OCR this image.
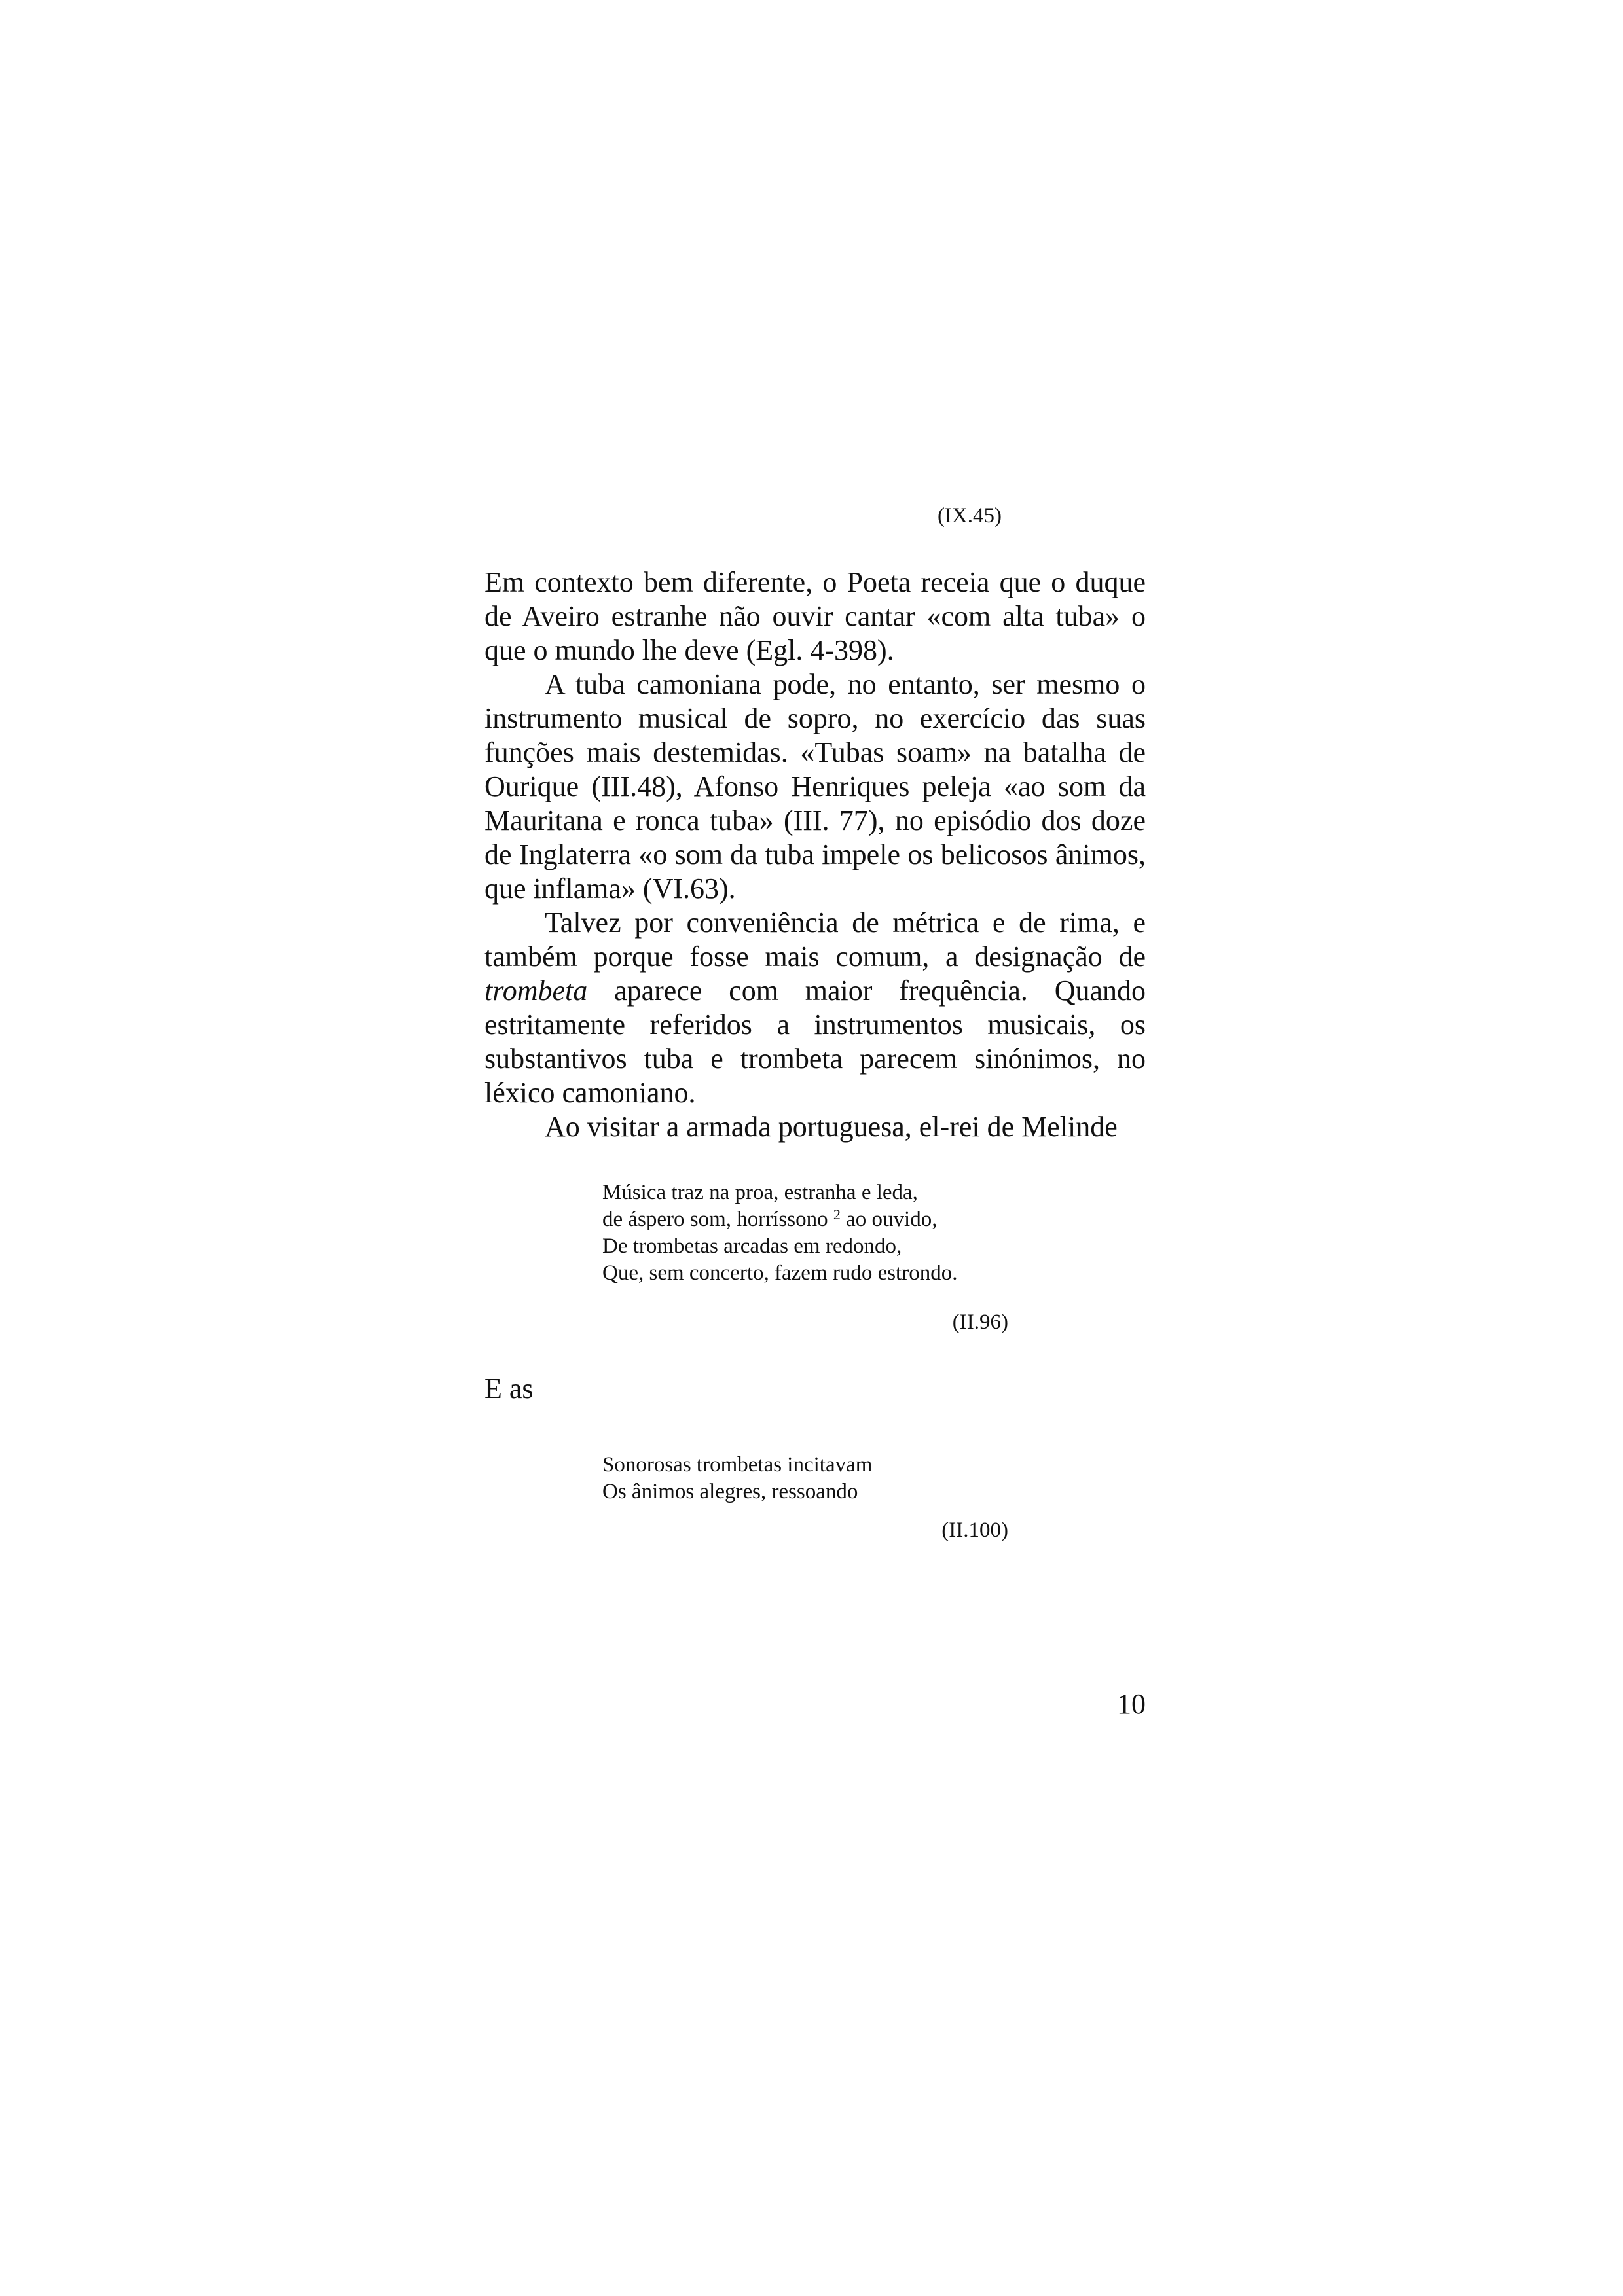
(IX.45)

Em contexto bem diferente, o Poeta receia que o duque de Aveiro estranhe não ouvir cantar «com alta tuba» o que o mundo lhe deve (Egl. 4-398).

A tuba camoniana pode, no entanto, ser mesmo o instrumento musical de sopro, no exercício das suas funções mais destemidas. «Tubas soam» na batalha de Ourique (III.48), Afonso Henriques peleja «ao som da Mauritana e ronca tuba» (III. 77), no episódio dos doze de Inglaterra «o som da tuba impele os belicosos ânimos, que inflama» (VI.63).

Talvez por conveniência de métrica e de rima, e também porque fosse mais comum, a designação de trombeta aparece com maior frequência. Quando estritamente referidos a instrumentos musicais, os substantivos tuba e trombeta parecem sinónimos, no léxico camoniano.

Ao visitar a armada portuguesa, el-rei de Melinde

Música traz na proa, estranha e leda,
de áspero som, horríssono $^2$ ao ouvido,
De trombetas arcadas em redondo,
Que, sem concerto, fazem rudo estrondo.
(II.96)
E as
Sonorosas trombetas incitavam
Os ânimos alegres, ressoando
(II.100)
10
